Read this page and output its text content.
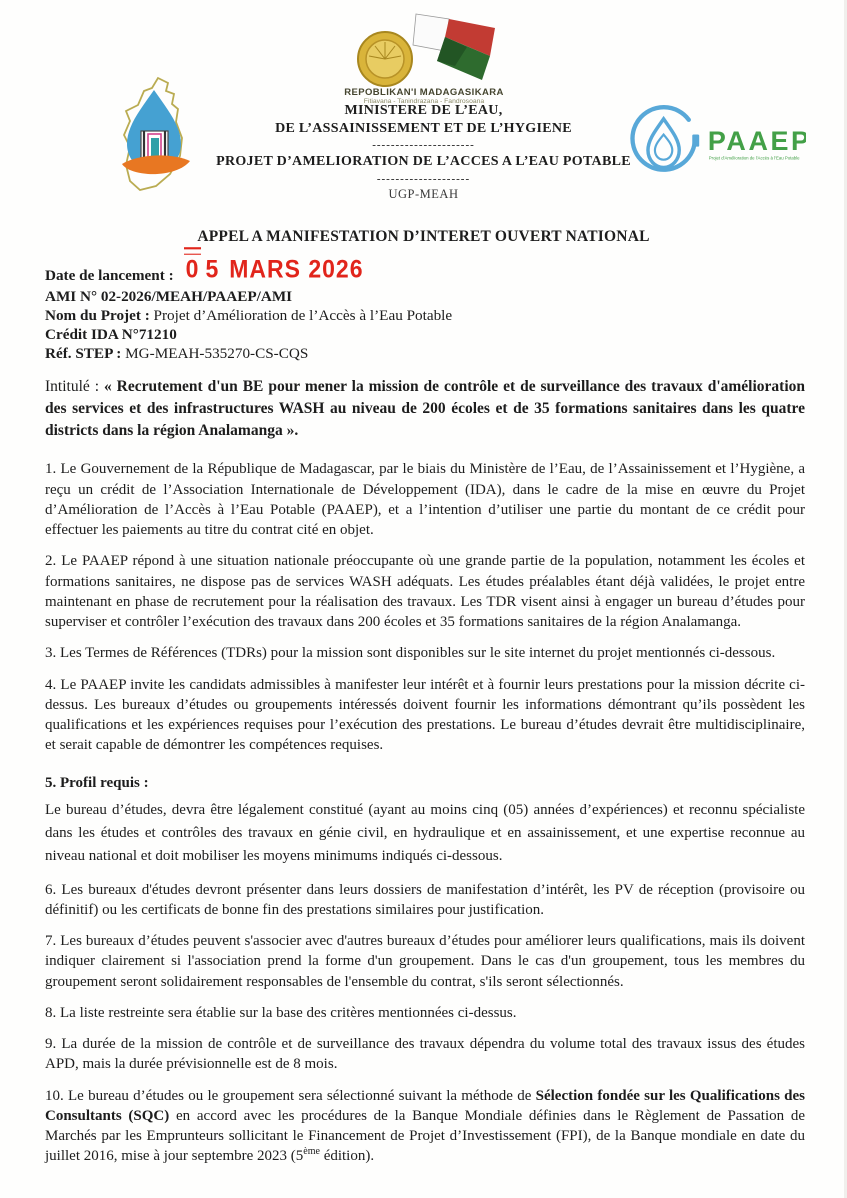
REPOBLIKAN'I MADAGASIKARA
Fitiavana - Tanindrazana - Fandrosoana
PAAEP
Projet d'Amélioration de l'Accès à l'Eau Potable
MINISTERE DE L’EAU,
DE L’ASSAINISSEMENT ET DE L’HYGIENE
----------------------
PROJET D’AMELIORATION DE L’ACCES A L’EAU POTABLE
--------------------
UGP-MEAH
APPEL A MANIFESTATION D’INTERET OUVERT NATIONAL
Date de lancement : 0 5 MARS 2026
AMI N° 02-2026/MEAH/PAAEP/AMI
Nom du Projet : Projet d’Amélioration de l’Accès à l’Eau Potable
Crédit IDA N°71210
Réf. STEP : MG-MEAH-535270-CS-CQS
Intitulé : « Recrutement d'un BE pour mener la mission de contrôle et de surveillance des travaux d'amélioration des services et des infrastructures WASH au niveau de 200 écoles et de 35 formations sanitaires dans les quatre districts dans la région Analamanga ».

1. Le Gouvernement de la République de Madagascar, par le biais du Ministère de l’Eau, de l’Assainissement et l’Hygiène, a reçu un crédit de l’Association Internationale de Développement (IDA), dans le cadre de la mise en œuvre du Projet d’Amélioration de l’Accès à l’Eau Potable (PAAEP), et a l’intention d’utiliser une partie du montant de ce crédit pour effectuer les paiements au titre du contrat cité en objet.

2. Le PAAEP répond à une situation nationale préoccupante où une grande partie de la population, notamment les écoles et formations sanitaires, ne dispose pas de services WASH adéquats. Les études préalables étant déjà validées, le projet entre maintenant en phase de recrutement pour la réalisation des travaux. Les TDR visent ainsi à engager un bureau d’études pour superviser et contrôler l’exécution des travaux dans 200 écoles et 35 formations sanitaires de la région Analamanga.

3. Les Termes de Références (TDRs) pour la mission sont disponibles sur le site internet du projet mentionnés ci-dessous.

4. Le PAAEP invite les candidats admissibles à manifester leur intérêt et à fournir leurs prestations pour la mission décrite ci-dessus. Les bureaux d’études ou groupements intéressés doivent fournir les informations démontrant qu’ils possèdent les qualifications et les expériences requises pour l’exécution des prestations. Le bureau d’études devrait être multidisciplinaire, et serait capable de démontrer les compétences requises.

5. Profil requis :

Le bureau d’études, devra être légalement constitué (ayant au moins cinq (05) années d’expériences) et reconnu spécialiste dans les études et contrôles des travaux en génie civil, en hydraulique et en assainissement, et une expertise reconnue au niveau national et doit mobiliser les moyens minimums indiqués ci-dessous.

6. Les bureaux d'études devront présenter dans leurs dossiers de manifestation d’intérêt, les PV de réception (provisoire ou définitif) ou les certificats de bonne fin des prestations similaires pour justification.

7. Les bureaux d’études peuvent s'associer avec d'autres bureaux d’études pour améliorer leurs qualifications, mais ils doivent indiquer clairement si l'association prend la forme d'un groupement. Dans le cas d'un groupement, tous les membres du groupement seront solidairement responsables de l'ensemble du contrat, s'ils seront sélectionnés.

8. La liste restreinte sera établie sur la base des critères mentionnées ci-dessus.

9. La durée de la mission de contrôle et de surveillance des travaux dépendra du volume total des travaux issus des études APD, mais la durée prévisionnelle est de 8 mois.

10. Le bureau d’études ou le groupement sera sélectionné suivant la méthode de Sélection fondée sur les Qualifications des Consultants (SQC) en accord avec les procédures de la Banque Mondiale définies dans le Règlement de Passation de Marchés par les Emprunteurs sollicitant le Financement de Projet d’Investissement (FPI), de la Banque mondiale en date du juillet 2016, mise à jour septembre 2023 (5ème édition).
